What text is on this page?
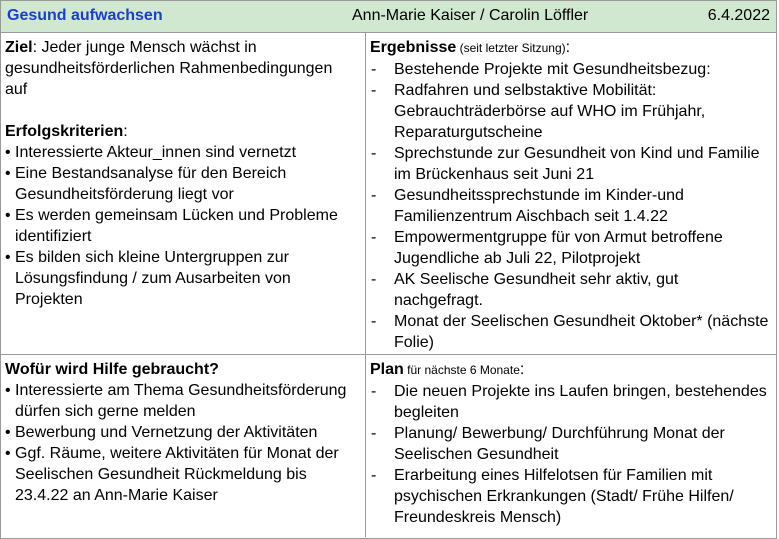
Gesund aufwachsen	Ann-Marie Kaiser / Carolin Löffler	6.4.2022
Ziel: Jeder junge Mensch wächst in gesundheitsförderlichen Rahmenbedingungen auf
Erfolgskriterien:
• Interessierte Akteur_innen sind vernetzt
• Eine Bestandsanalyse für den Bereich Gesundheitsförderung liegt vor
• Es werden gemeinsam Lücken und Probleme identifiziert
• Es bilden sich kleine Untergruppen zur Lösungsfindung / zum Ausarbeiten von Projekten
Ergebnisse (seit letzter Sitzung):
- Bestehende Projekte mit Gesundheitsbezug:
- Radfahren und selbstaktive Mobilität: Gebrauchträderbörse auf WHO im Frühjahr, Reparaturgutscheine
- Sprechstunde zur Gesundheit von Kind und Familie im Brückenhaus seit Juni 21
- Gesundheitssprechstunde im Kinder-und Familienzentrum Aischbach seit 1.4.22
- Empowermentgruppe für von Armut betroffene Jugendliche ab Juli 22, Pilotprojekt
- AK Seelische Gesundheit sehr aktiv, gut nachgefragt.
- Monat der Seelischen Gesundheit Oktober* (nächste Folie)
Wofür wird Hilfe gebraucht?
• Interessierte am Thema Gesundheitsförderung dürfen sich gerne melden
• Bewerbung und Vernetzung der Aktivitäten
• Ggf. Räume, weitere Aktivitäten für Monat der Seelischen Gesundheit Rückmeldung bis 23.4.22 an Ann-Marie Kaiser
Plan für nächste 6 Monate:
- Die neuen Projekte ins Laufen bringen, bestehendes begleiten
- Planung/ Bewerbung/ Durchführung Monat der Seelischen Gesundheit
- Erarbeitung eines Hilfelotsen für Familien mit psychischen Erkrankungen (Stadt/ Frühe Hilfen/ Freundeskreis Mensch)
